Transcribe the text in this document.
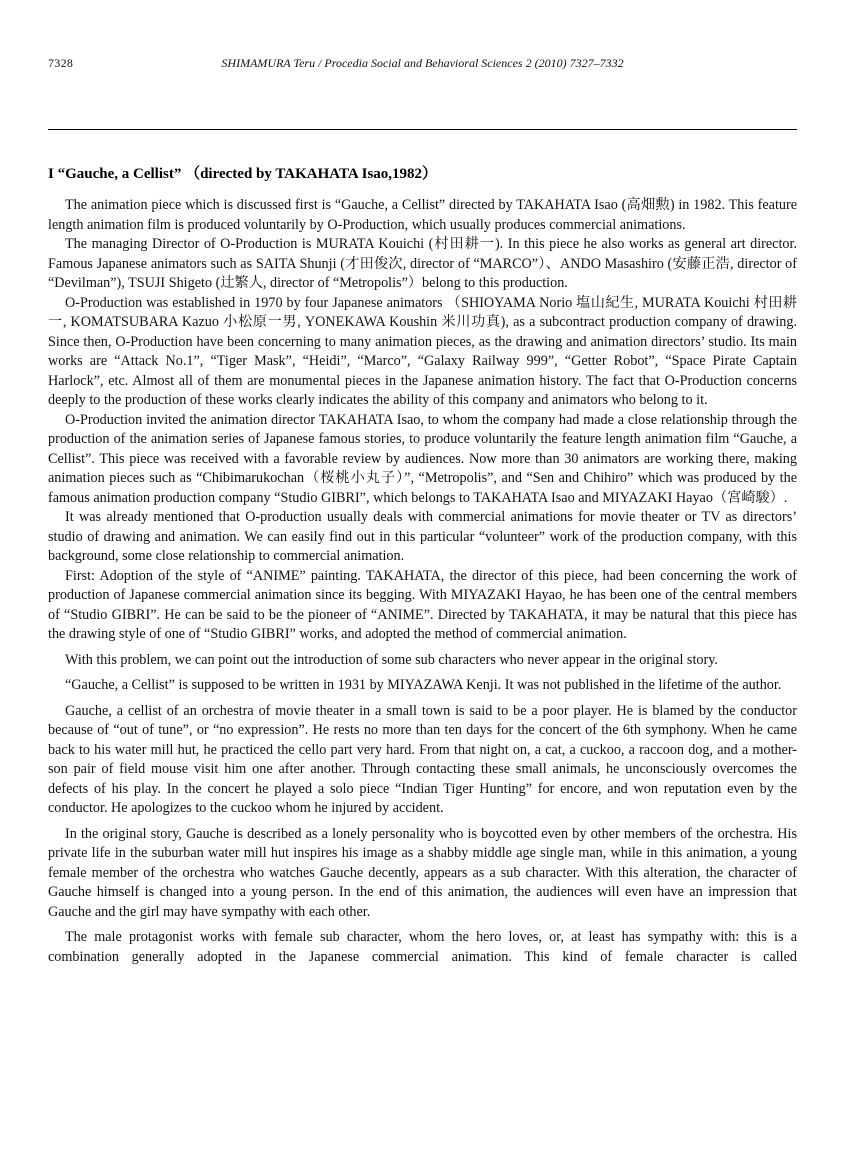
7328	SHIMAMURA Teru / Procedia Social and Behavioral Sciences 2 (2010) 7327–7332
I “Gauche, a Cellist” （directed by TAKAHATA Isao,1982）

The animation piece which is discussed first is “Gauche, a Cellist” directed by TAKAHATA Isao (高畑勲) in 1982. This feature length animation film is produced voluntarily by O-Production, which usually produces commercial animations.

The managing Director of O-Production is MURATA Kouichi (村田耕一). In this piece he also works as general art director. Famous Japanese animators such as SAITA Shunji (才田俊次, director of “MARCO”）、ANDO Masashiro (安藤正浩, director of “Devilman”), TSUJI Shigeto (辻繁人, director of “Metropolis”）belong to this production.

O-Production was established in 1970 by four Japanese animators （SHIOYAMA Norio 塩山紀生, MURATA Kouichi 村田耕一, KOMATSUBARA Kazuo 小松原一男, YONEKAWA Koushin 米川功真), as a subcontract production company of drawing. Since then, O-Production have been concerning to many animation pieces, as the drawing and animation directors’ studio. Its main works are “Attack No.1”, “Tiger Mask”, “Heidi”, “Marco”, “Galaxy Railway 999”, “Getter Robot”, “Space Pirate Captain Harlock”, etc. Almost all of them are monumental pieces in the Japanese animation history. The fact that O-Production concerns deeply to the production of these works clearly indicates the ability of this company and animators who belong to it.

O-Production invited the animation director TAKAHATA Isao, to whom the company had made a close relationship through the production of the animation series of Japanese famous stories, to produce voluntarily the feature length animation film “Gauche, a Cellist”. This piece was received with a favorable review by audiences. Now more than 30 animators are working there, making animation pieces such as “Chibimarukochan（桜桃小丸子）”, “Metropolis”, and “Sen and Chihiro” which was produced by the famous animation production company “Studio GIBRI”, which belongs to TAKAHATA Isao and MIYAZAKI Hayao（宮崎駿）.

It was already mentioned that O-production usually deals with commercial animations for movie theater or TV as directors’ studio of drawing and animation. We can easily find out in this particular “volunteer” work of the production company, with this background, some close relationship to commercial animation.

First: Adoption of the style of “ANIME” painting. TAKAHATA, the director of this piece, had been concerning the work of production of Japanese commercial animation since its begging. With MIYAZAKI Hayao, he has been one of the central members of “Studio GIBRI”. He can be said to be the pioneer of “ANIME”. Directed by TAKAHATA, it may be natural that this piece has the drawing style of one of “Studio GIBRI” works, and adopted the method of commercial animation.

With this problem, we can point out the introduction of some sub characters who never appear in the original story.

“Gauche, a Cellist” is supposed to be written in 1931 by MIYAZAWA Kenji. It was not published in the lifetime of the author.

Gauche, a cellist of an orchestra of movie theater in a small town is said to be a poor player. He is blamed by the conductor because of “out of tune”, or “no expression”. He rests no more than ten days for the concert of the 6th symphony. When he came back to his water mill hut, he practiced the cello part very hard. From that night on, a cat, a cuckoo, a raccoon dog, and a mother-son pair of field mouse visit him one after another. Through contacting these small animals, he unconsciously overcomes the defects of his play. In the concert he played a solo piece “Indian Tiger Hunting” for encore, and won reputation even by the conductor. He apologizes to the cuckoo whom he injured by accident.

In the original story, Gauche is described as a lonely personality who is boycotted even by other members of the orchestra. His private life in the suburban water mill hut inspires his image as a shabby middle age single man, while in this animation, a young female member of the orchestra who watches Gauche decently, appears as a sub character. With this alteration, the character of Gauche himself is changed into a young person. In the end of this animation, the audiences will even have an impression that Gauche and the girl may have sympathy with each other.

The male protagonist works with female sub character, whom the hero loves, or, at least has sympathy with: this is a combination generally adopted in the Japanese commercial animation. This kind of female character is called
